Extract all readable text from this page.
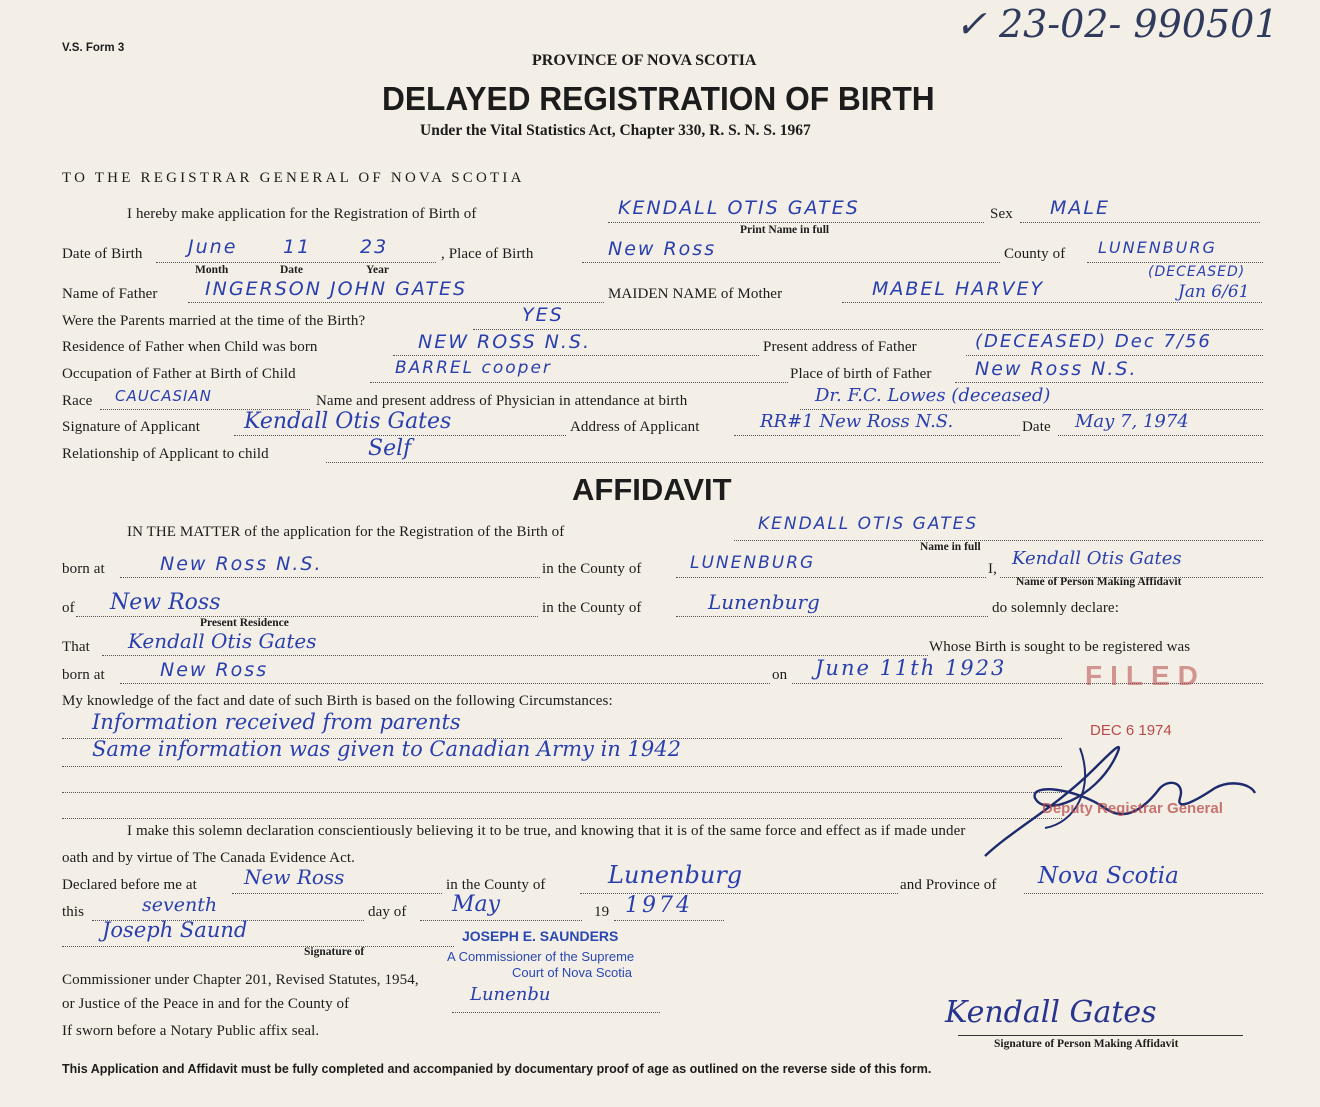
V.S. Form 3
PROVINCE OF NOVA SCOTIA
DELAYED REGISTRATION OF BIRTH
Under the Vital Statistics Act, Chapter 330, R. S. N. S. 1967
✓ 23-02- 990501
TO THE REGISTRAR GENERAL OF NOVA SCOTIA
I hereby make application for the Registration of Birth of	KENDALL OTIS GATES
Print Name in full
Sex MALE
Date of Birth June 11	23
Month	Date	Year
, Place of Birth	New Ross	County of LUNENBURG
(DECEASED)
Name of Father INGERSON JOHN GATES	MAIDEN NAME of Mother	MABEL HARVEY	Jan 6/61
Were the Parents married at the time of the Birth?	YES
Residence of Father when Child was born	NEW ROSS N.S.	Present address of Father	(DECEASED) Dec 7/56
Occupation of Father at Birth of Child	BARREL cooper	Place of birth of Father New Ross N.S.
Race CAUCASIAN	Name and present address of Physician in attendance at birth	Dr. F.C. Lowes (deceased)
Signature of Applicant Kendall Otis Gates	Address of Applicant	RR#1 New Ross N.S.	Date May 7, 1974
Relationship of Applicant to child	Self
AFFIDAVIT
IN THE MATTER of the application for the Registration of the Birth of	KENDALL OTIS GATES
Name in full
born at	New Ross N.S.	in the County of	LUNENBURG	I, Kendall Otis Gates
Name of Person Making Affidavit
of New Ross
Present Residence
in the County of	Lunenburg	do solemnly declare:
That Kendall Otis Gates	Whose Birth is sought to be registered was
born at	New Ross	on June 11th 1923	FILED
My knowledge of the fact and date of such Birth is based on the following Circumstances:
DEC 6 1974
Information received from parents
Same information was given to Canadian Army in 1942
Deputy Registrar General
I make this solemn declaration conscientiously believing it to be true, and knowing that it is of the same force and effect as if made under
oath and by virtue of The Canada Evidence Act.
Declared before me at New Ross	in the County of	Lunenburg	and Province of Nova Scotia
this	seventh	day of May	19 1974
Joseph Saund	JOSEPH E. SAUNDERS
Signature of	A Commissioner of the Supreme
Commissioner under Chapter 201, Revised Statutes, 1954,	Court of Nova Scotia
or Justice of the Peace in and for the County of	Lunenbu
If sworn before a Notary Public affix seal.
Kendall Gates
Signature of Person Making Affidavit
This Application and Affidavit must be fully completed and accompanied by documentary proof of age as outlined on the reverse side of this form.
